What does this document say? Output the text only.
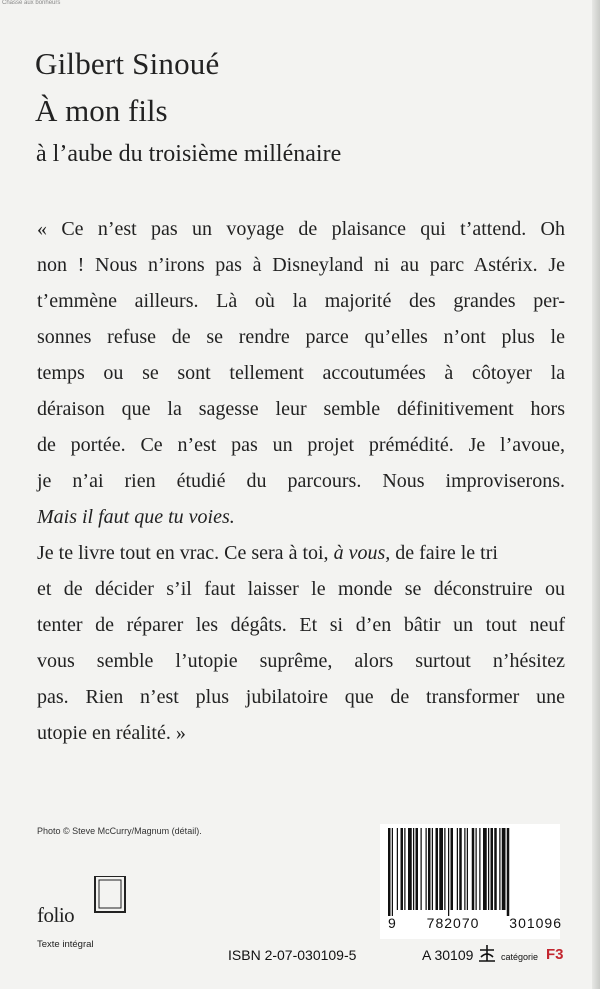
Chasse aux bonheurs
Gilbert Sinoué
À mon fils
à l’aube du troisième millénaire
« Ce n’est pas un voyage de plaisance qui t’attend. Oh
non ! Nous n’irons pas à Disneyland ni au parc Astérix. Je
t’emmène ailleurs. Là où la majorité des grandes per-
sonnes refuse de se rendre parce qu’elles n’ont plus le
temps ou se sont tellement accoutumées à côtoyer la
déraison que la sagesse leur semble définitivement hors
de portée. Ce n’est pas un projet prémédité. Je l’avoue,
je n’ai rien étudié du parcours. Nous improviserons.
Mais il faut que tu voies.
Je te livre tout en vrac. Ce sera à toi, à vous, de faire le tri
et de décider s’il faut laisser le monde se déconstruire ou
tenter de réparer les dégâts. Et si d’en bâtir un tout neuf
vous semble l’utopie suprême, alors surtout n’hésitez
pas. Rien n’est plus jubilatoire que de transformer une
utopie en réalité. »
Photo © Steve McCurry/Magnum (détail).
folio
Texte intégral
9 782070 301096
ISBN 2-07-030109-5	A 30109	catégorie F3
